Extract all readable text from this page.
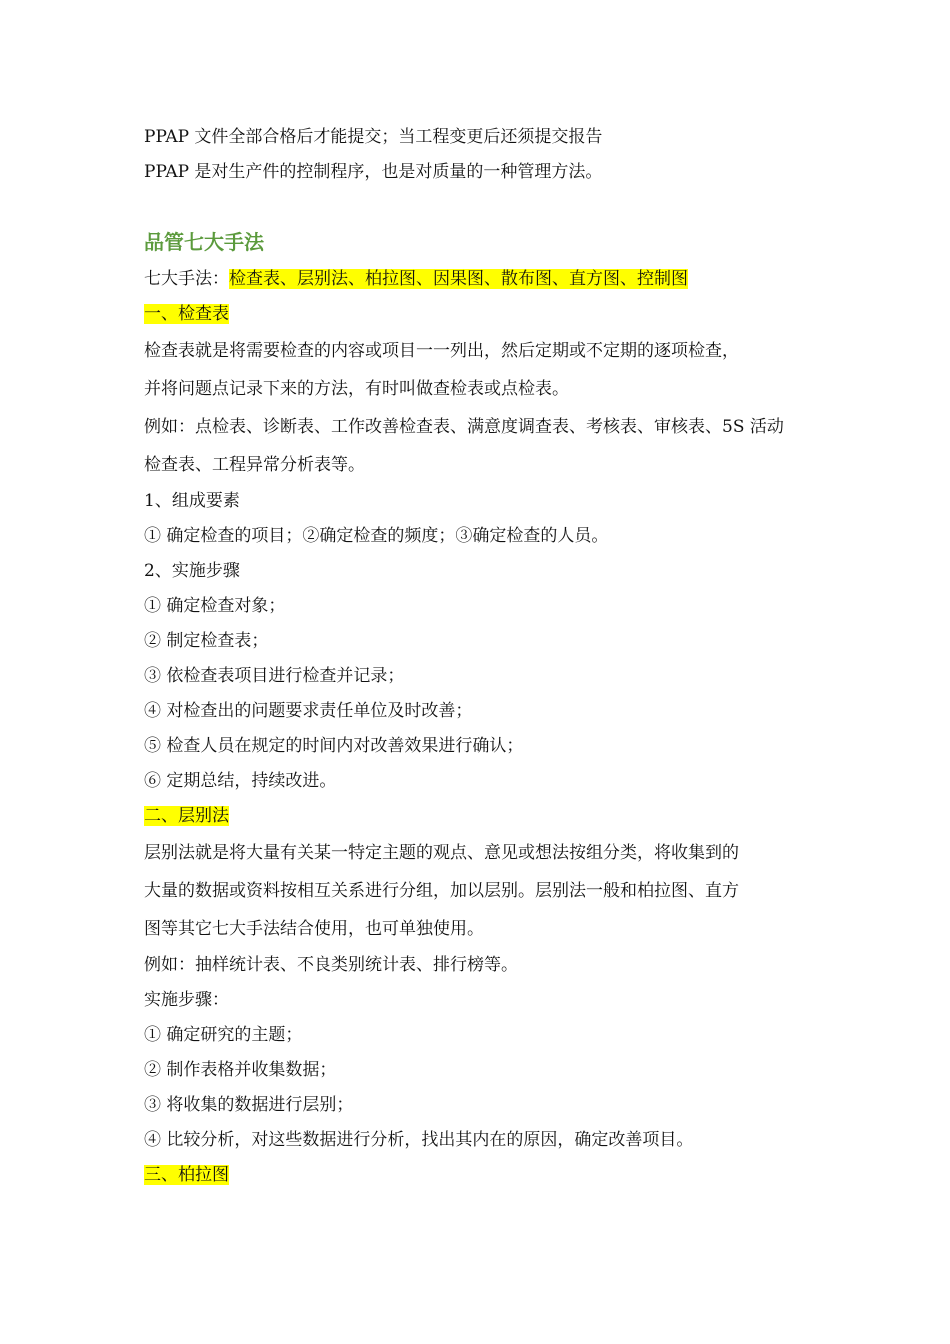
PPAP 文件全部合格后才能提交；当工程变更后还须提交报告
PPAP 是对生产件的控制程序，也是对质量的一种管理方法。
品管七大手法
七大手法：检查表、层别法、柏拉图、因果图、散布图、直方图、控制图
一、检查表
检查表就是将需要检查的内容或项目一一列出，然后定期或不定期的逐项检查，
并将问题点记录下来的方法，有时叫做查检表或点检表。
例如：点检表、诊断表、工作改善检查表、满意度调查表、考核表、审核表、5S 活动
检查表、工程异常分析表等。
1、组成要素
① 确定检查的项目；②确定检查的频度；③确定检查的人员。
2、实施步骤
① 确定检查对象；
② 制定检查表；
③ 依检查表项目进行检查并记录；
④ 对检查出的问题要求责任单位及时改善；
⑤ 检查人员在规定的时间内对改善效果进行确认；
⑥ 定期总结，持续改进。
二、层别法
层别法就是将大量有关某一特定主题的观点、意见或想法按组分类，将收集到的
大量的数据或资料按相互关系进行分组，加以层别。层别法一般和柏拉图、直方
图等其它七大手法结合使用，也可单独使用。
例如：抽样统计表、不良类别统计表、排行榜等。
实施步骤：
① 确定研究的主题；
② 制作表格并收集数据；
③ 将收集的数据进行层别；
④ 比较分析，对这些数据进行分析，找出其内在的原因，确定改善项目。
三、柏拉图
